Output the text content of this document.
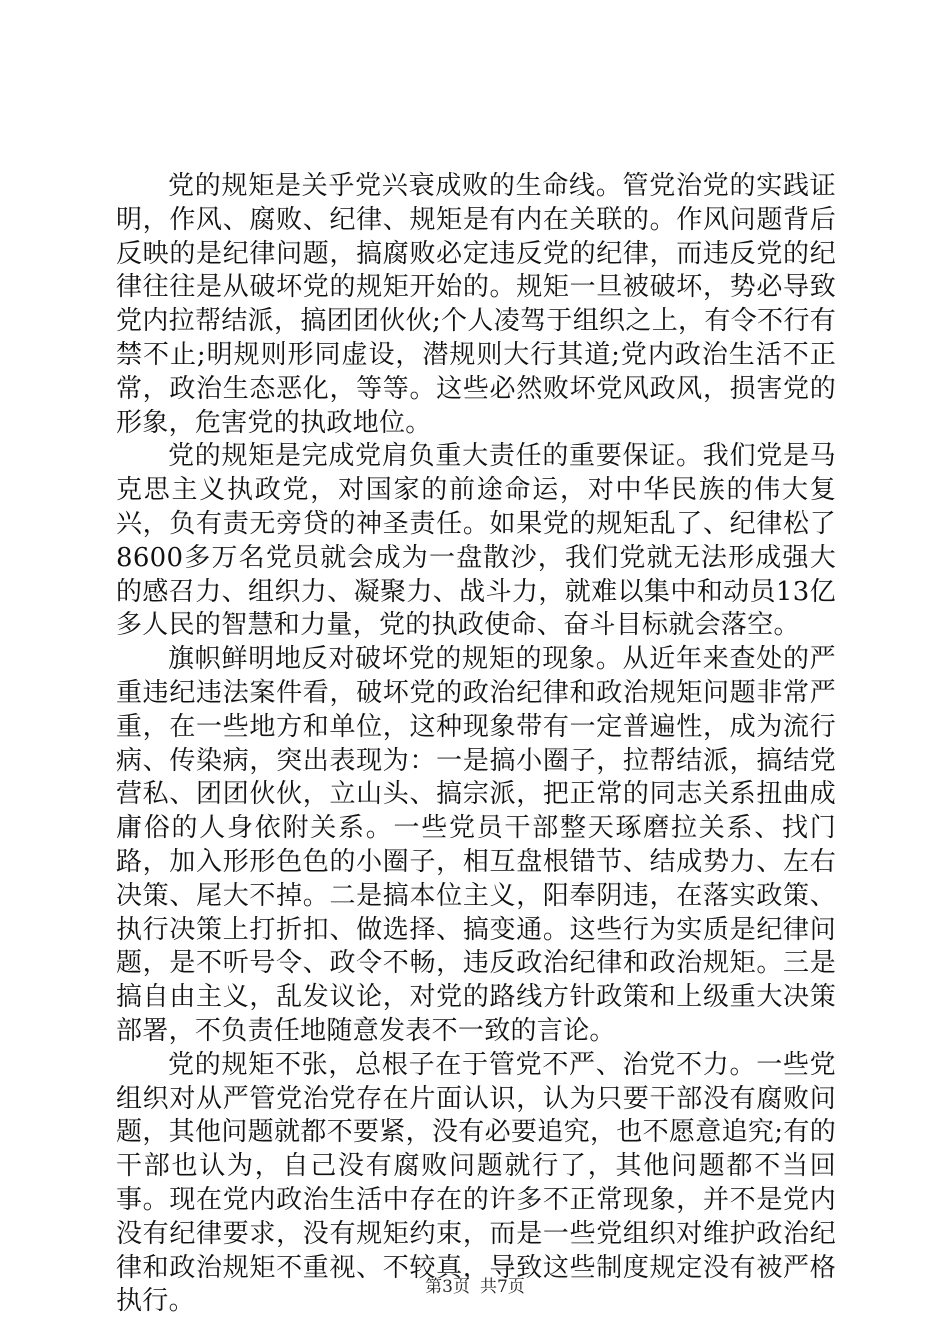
党的规矩是关乎党兴衰成败的生命线。管党治党的实践证明，作风、腐败、纪律、规矩是有内在关联的。作风问题背后反映的是纪律问题，搞腐败必定违反党的纪律，而违反党的纪律往往是从破坏党的规矩开始的。规矩一旦被破坏，势必导致党内拉帮结派，搞团团伙伙;个人凌驾于组织之上，有令不行有禁不止;明规则形同虚设，潜规则大行其道;党内政治生活不正常，政治生态恶化，等等。这些必然败坏党风政风，损害党的形象，危害党的执政地位。

党的规矩是完成党肩负重大责任的重要保证。我们党是马克思主义执政党，对国家的前途命运，对中华民族的伟大复兴，负有责无旁贷的神圣责任。如果党的规矩乱了、纪律松了8600多万名党员就会成为一盘散沙，我们党就无法形成强大的感召力、组织力、凝聚力、战斗力，就难以集中和动员13亿多人民的智慧和力量，党的执政使命、奋斗目标就会落空。

旗帜鲜明地反对破坏党的规矩的现象。从近年来查处的严重违纪违法案件看，破坏党的政治纪律和政治规矩问题非常严重，在一些地方和单位，这种现象带有一定普遍性，成为流行病、传染病，突出表现为：一是搞小圈子，拉帮结派，搞结党营私、团团伙伙，立山头、搞宗派，把正常的同志关系扭曲成庸俗的人身依附关系。一些党员干部整天琢磨拉关系、找门路，加入形形色色的小圈子，相互盘根错节、结成势力、左右决策、尾大不掉。二是搞本位主义，阳奉阴违，在落实政策、执行决策上打折扣、做选择、搞变通。这些行为实质是纪律问题，是不听号令、政令不畅，违反政治纪律和政治规矩。三是搞自由主义，乱发议论，对党的路线方针政策和上级重大决策部署，不负责任地随意发表不一致的言论。

党的规矩不张，总根子在于管党不严、治党不力。一些党组织对从严管党治党存在片面认识，认为只要干部没有腐败问题，其他问题就都不要紧，没有必要追究，也不愿意追究;有的干部也认为，自己没有腐败问题就行了，其他问题都不当回事。现在党内政治生活中存在的许多不正常现象，并不是党内没有纪律要求，没有规矩约束，而是一些党组织对维护政治纪律和政治规矩不重视、不较真，导致这些制度规定没有被严格执行。	第3页 共7页
